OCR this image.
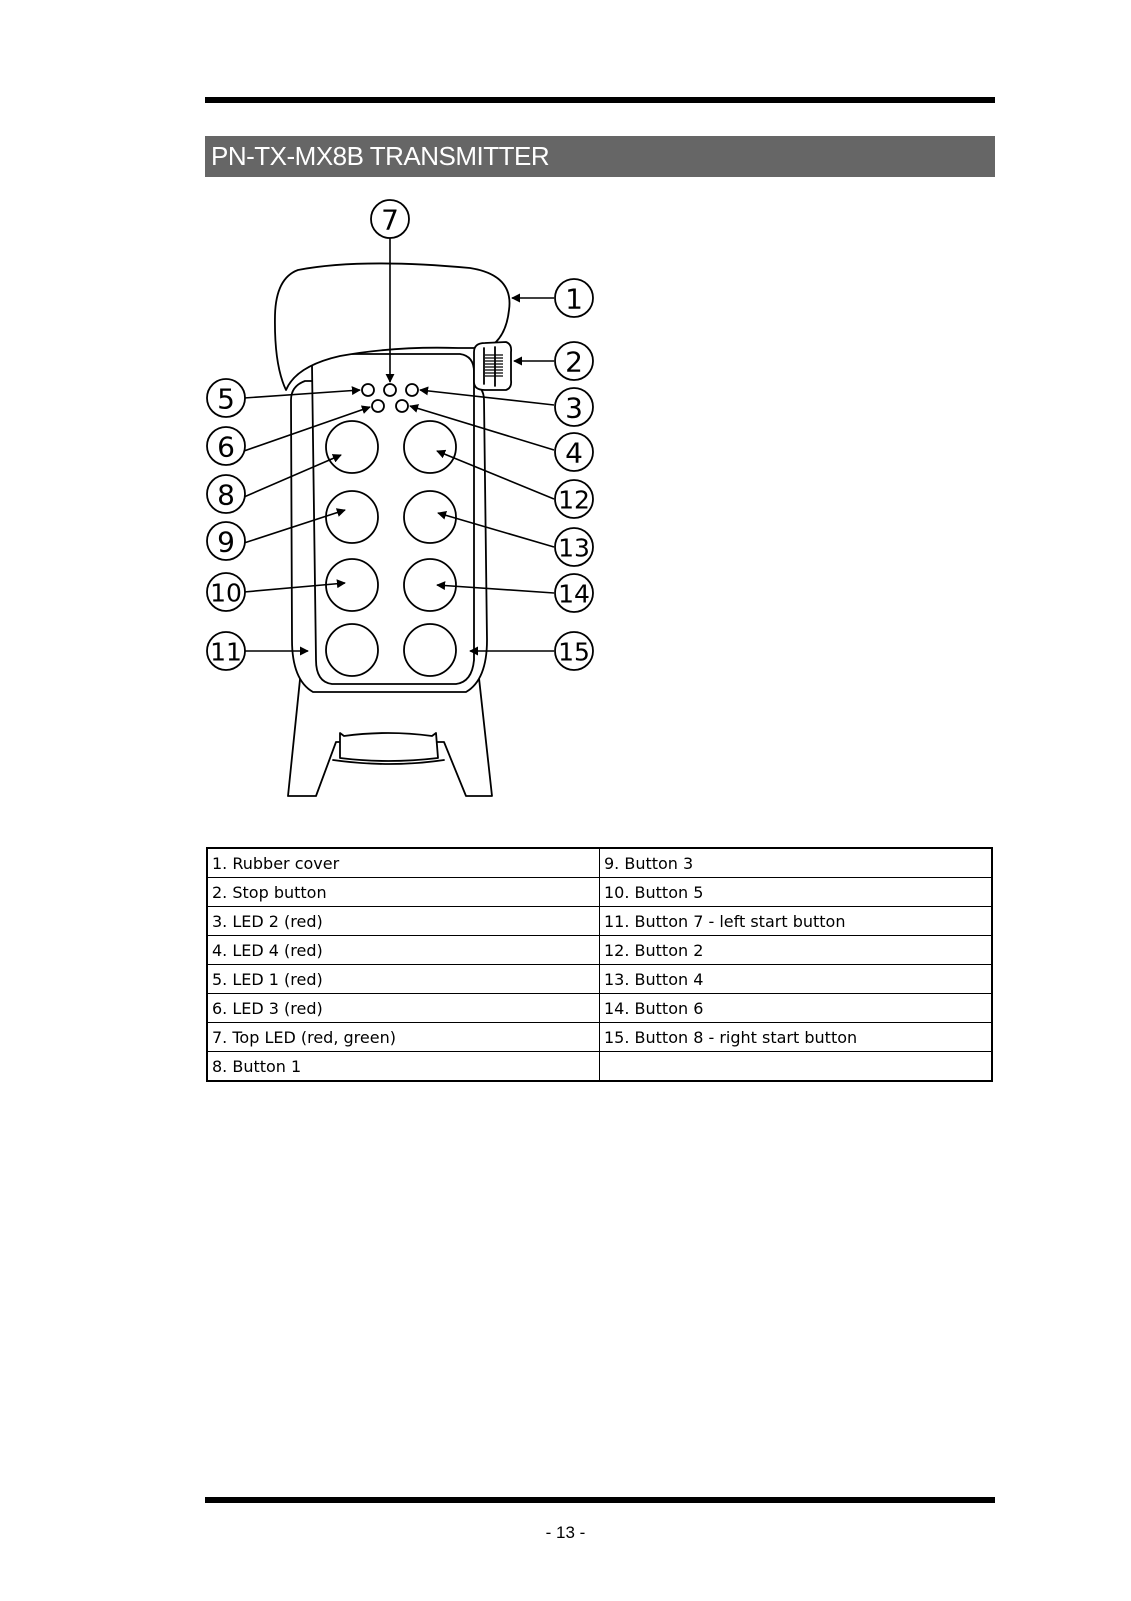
PN-TX-MX8B TRANSMITTER
7
1
2
3
4
12
13
14
15
5
6
8
9
10
11
1. Rubber cover	9. Button 3
2. Stop button	10. Button 5
3. LED 2 (red)	11. Button 7 - left start button
4. LED 4 (red)	12. Button 2
5. LED 1 (red)	13. Button 4
6. LED 3 (red)	14. Button 6
7. Top LED (red, green)	15. Button 8 - right start button
8. Button 1	
- 13 -
